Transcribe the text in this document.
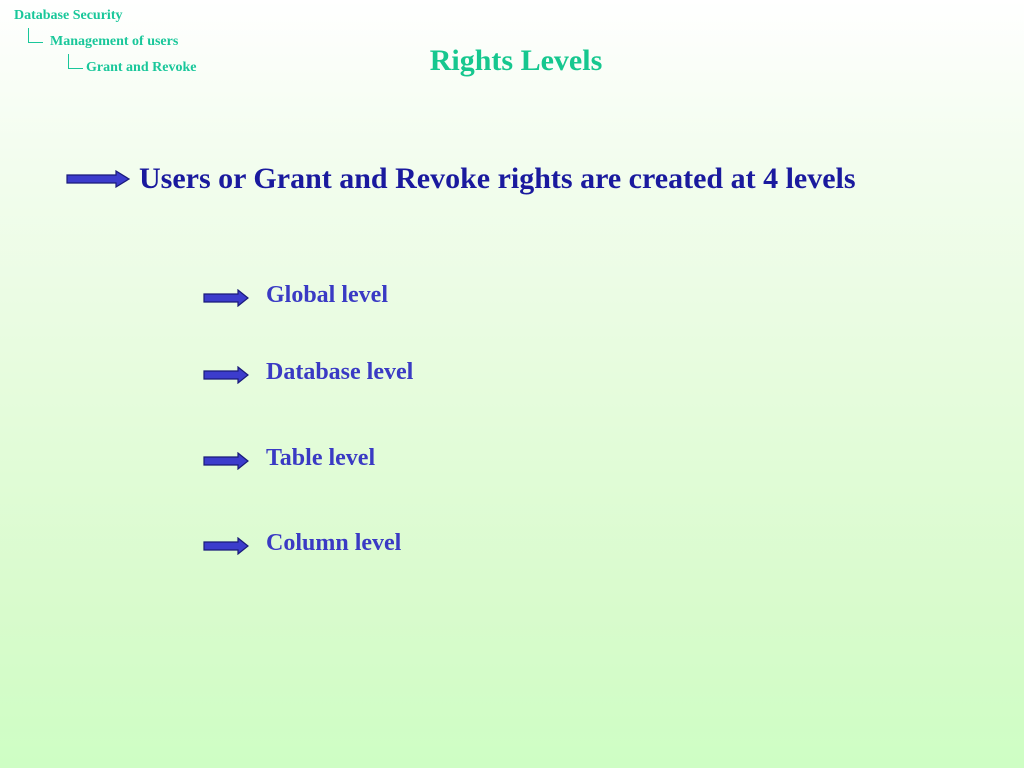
Database Security
Management of users
Grant and Revoke	Rights Levels
Users or Grant and Revoke rights are created at 4 levels
Global level
Database level
Table level
Column level
